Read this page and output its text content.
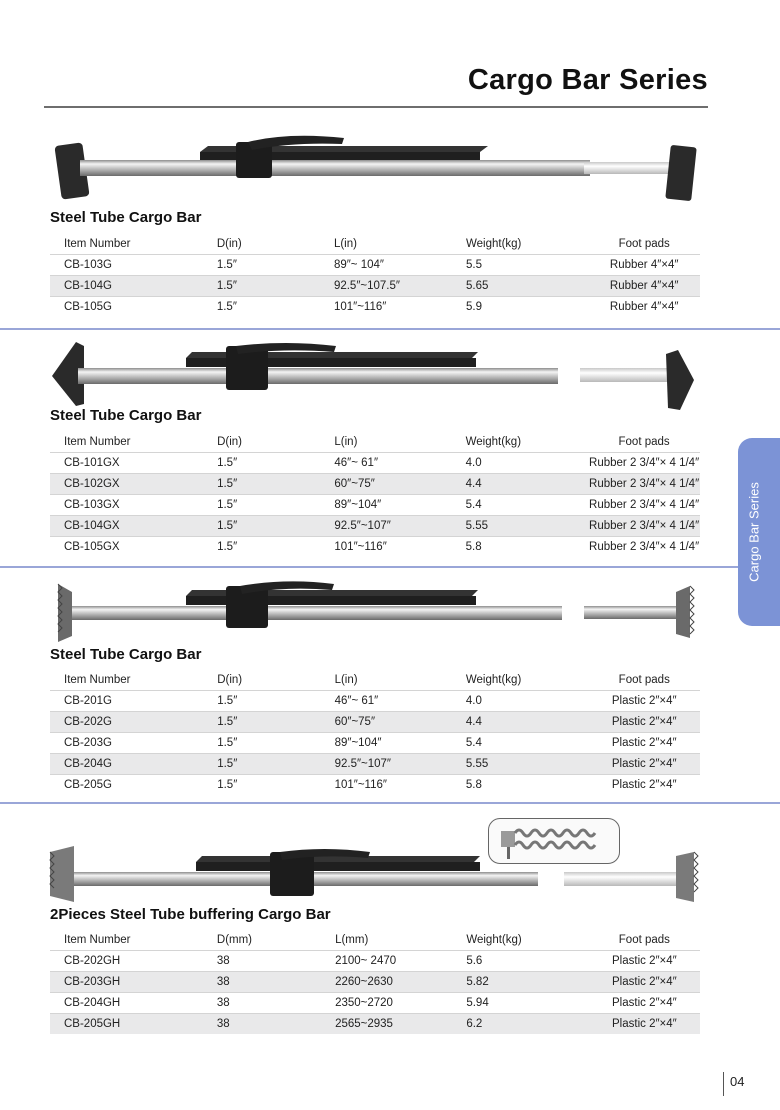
Cargo Bar Series
Cargo Bar Series
Steel Tube Cargo Bar
Item Number	D(in)	L(in)	Weight(kg)	Foot pads
CB-103G	1.5″	89″~ 104″	5.5	Rubber 4″×4″
CB-104G	1.5″	92.5″~107.5″	5.65	Rubber 4″×4″
CB-105G	1.5″	101″~116″	5.9	Rubber 4″×4″
Steel Tube Cargo Bar
Item Number	D(in)	L(in)	Weight(kg)	Foot pads
CB-101GX	1.5″	46″~ 61″	4.0	Rubber 2 3/4″× 4 1/4″
CB-102GX	1.5″	60″~75″	4.4	Rubber 2 3/4″× 4 1/4″
CB-103GX	1.5″	89″~104″	5.4	Rubber 2 3/4″× 4 1/4″
CB-104GX	1.5″	92.5″~107″	5.55	Rubber 2 3/4″× 4 1/4″
CB-105GX	1.5″	101″~116″	5.8	Rubber 2 3/4″× 4 1/4″
Steel Tube Cargo Bar
Item Number	D(in)	L(in)	Weight(kg)	Foot pads
CB-201G	1.5″	46″~ 61″	4.0	Plastic 2″×4″
CB-202G	1.5″	60″~75″	4.4	Plastic 2″×4″
CB-203G	1.5″	89″~104″	5.4	Plastic 2″×4″
CB-204G	1.5″	92.5″~107″	5.55	Plastic 2″×4″
CB-205G	1.5″	101″~116″	5.8	Plastic 2″×4″
2Pieces Steel Tube buffering Cargo Bar
Item Number	D(mm)	L(mm)	Weight(kg)	Foot pads
CB-202GH	38	2100~ 2470	5.6	Plastic 2″×4″
CB-203GH	38	2260~2630	5.82	Plastic 2″×4″
CB-204GH	38	2350~2720	5.94	Plastic 2″×4″
CB-205GH	38	2565~2935	6.2	Plastic 2″×4″
04
